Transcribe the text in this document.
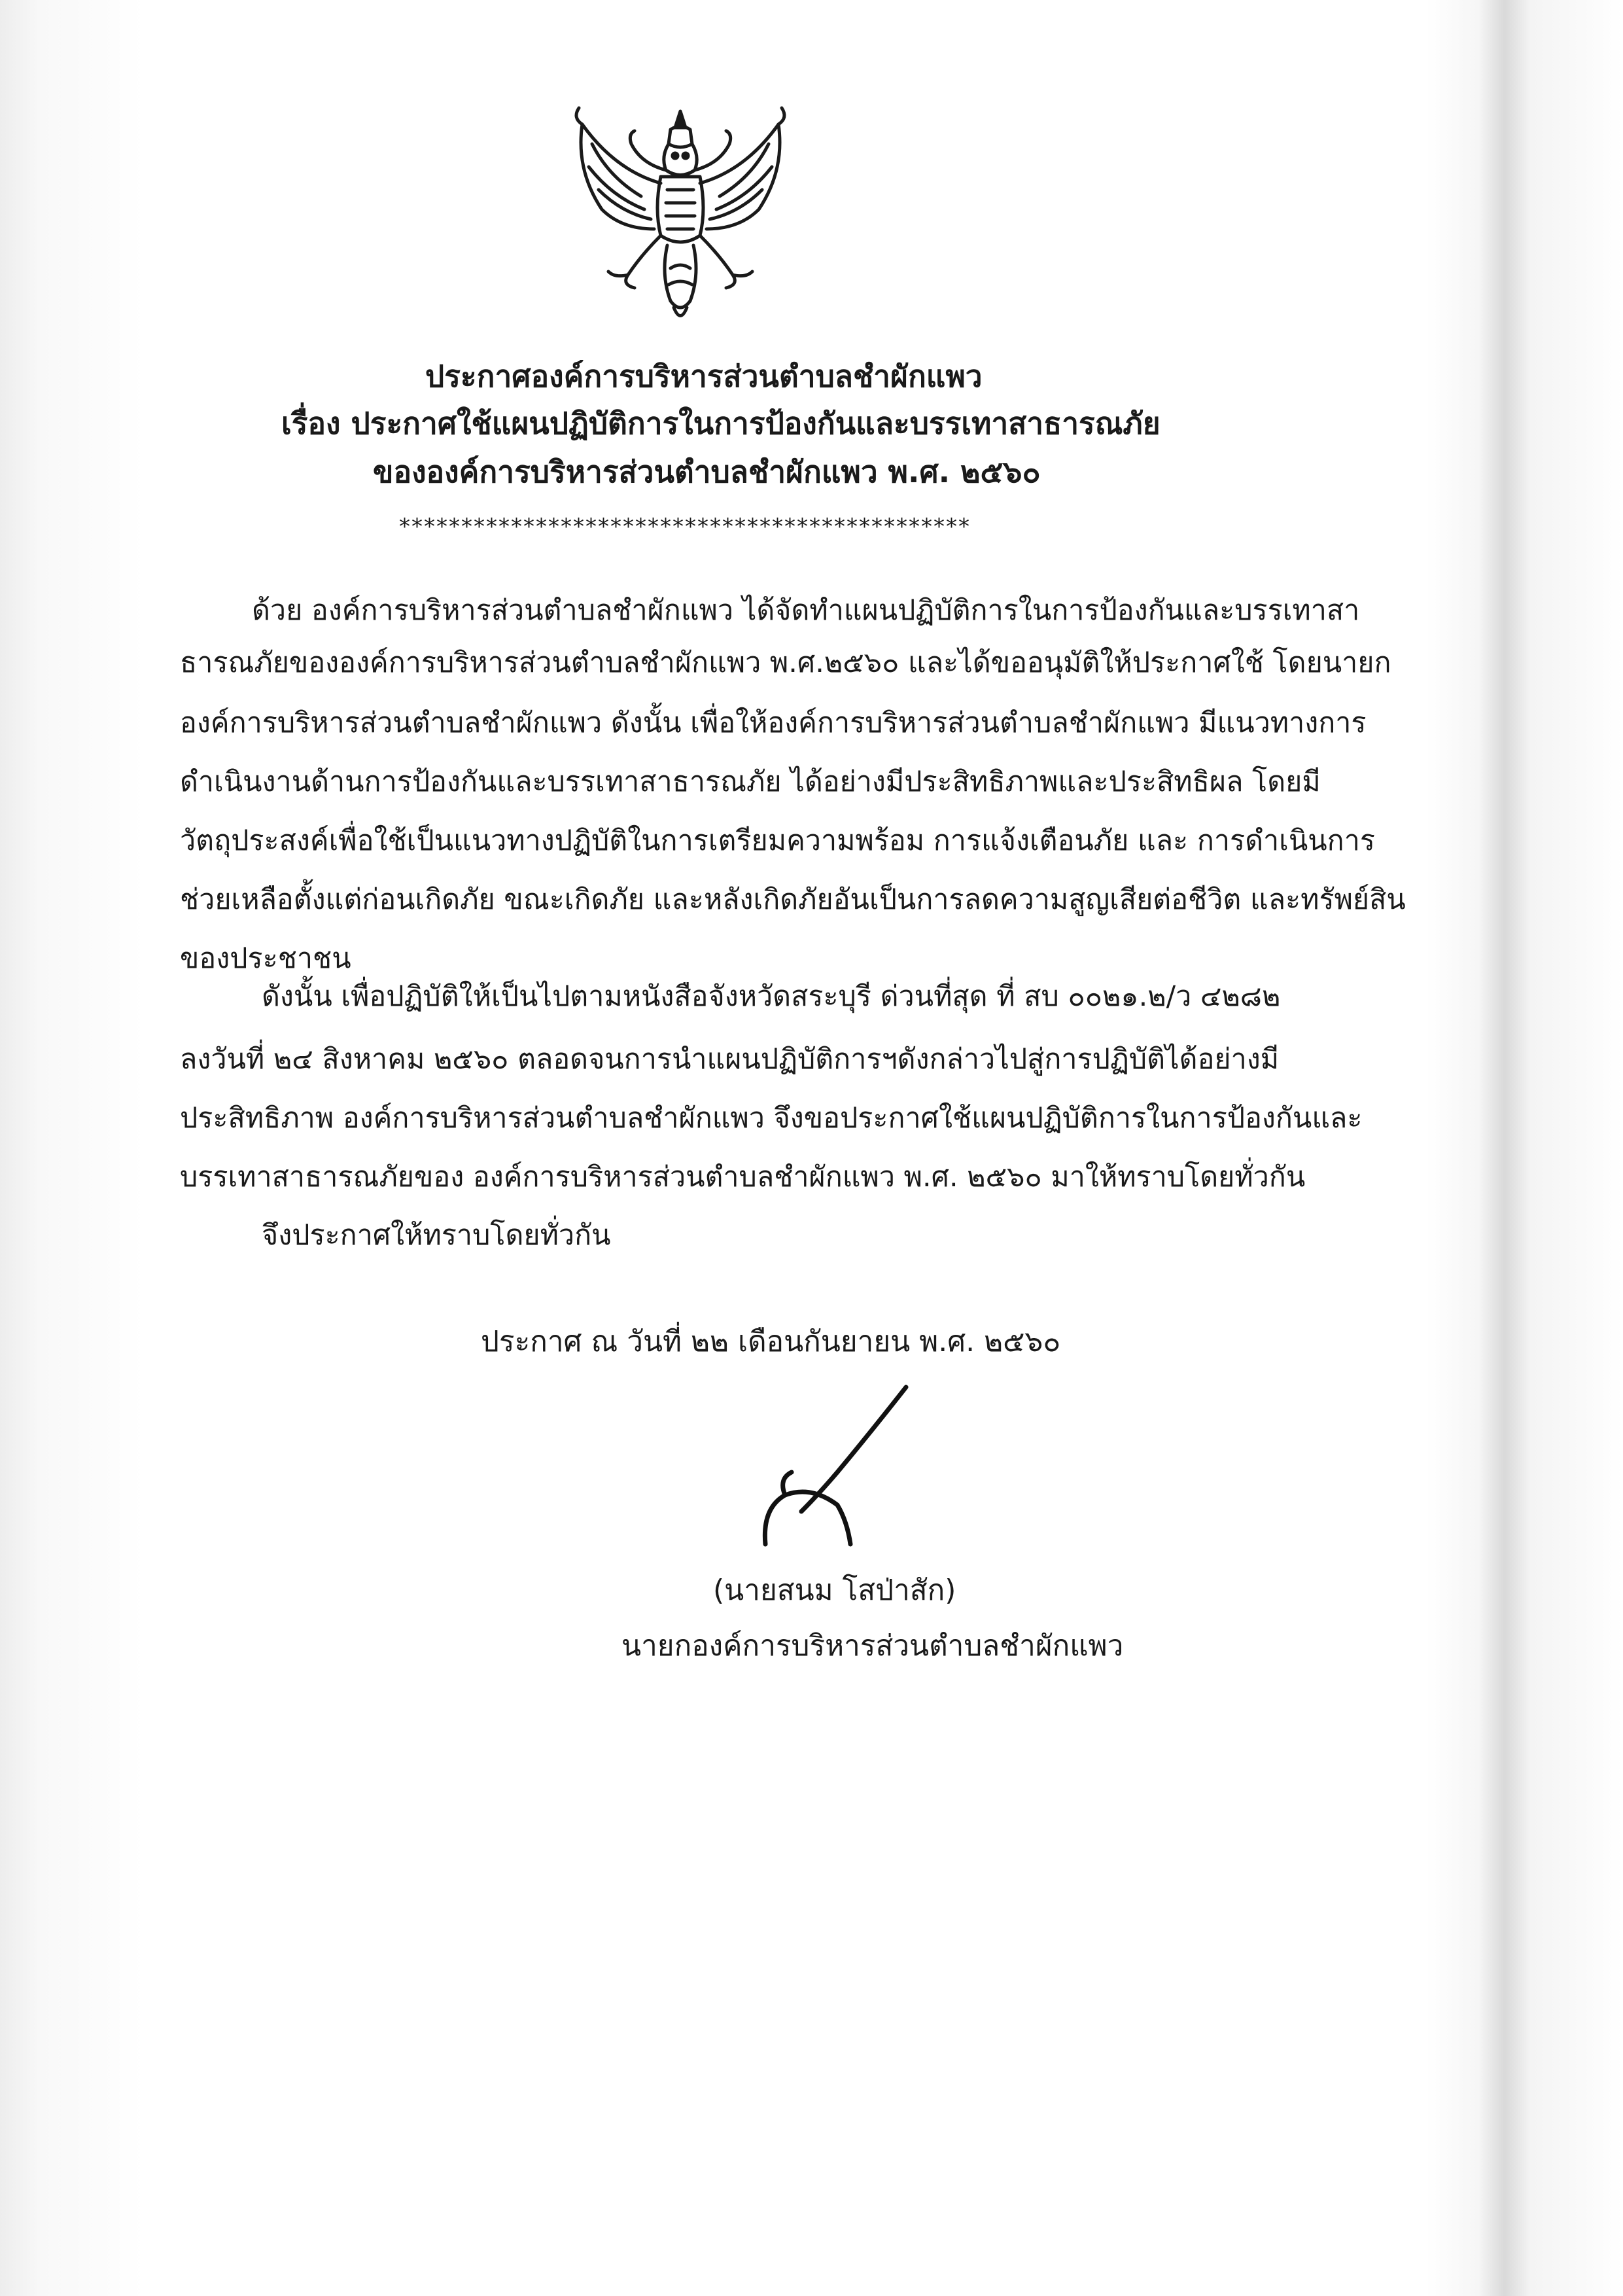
ประกาศองค์การบริหารส่วนตำบลชำผักแพว
เรื่อง ประกาศใช้แผนปฏิบัติการในการป้องกันและบรรเทาสาธารณภัย
ขององค์การบริหารส่วนตำบลชำผักแพว พ.ศ. ๒๕๖๐
**********************************************
ด้วย องค์การบริหารส่วนตำบลชำผักแพว ได้จัดทำแผนปฏิบัติการในการป้องกันและบรรเทาสา
ธารณภัยขององค์การบริหารส่วนตำบลชำผักแพว พ.ศ.๒๕๖๐ และได้ขออนุมัติให้ประกาศใช้ โดยนายก
องค์การบริหารส่วนตำบลชำผักแพว ดังนั้น เพื่อให้องค์การบริหารส่วนตำบลชำผักแพว มีแนวทางการ
ดำเนินงานด้านการป้องกันและบรรเทาสาธารณภัย ได้อย่างมีประสิทธิภาพและประสิทธิผล โดยมี
วัตถุประสงค์เพื่อใช้เป็นแนวทางปฏิบัติในการเตรียมความพร้อม การแจ้งเตือนภัย และ การดำเนินการ
ช่วยเหลือตั้งแต่ก่อนเกิดภัย ขณะเกิดภัย และหลังเกิดภัยอันเป็นการลดความสูญเสียต่อชีวิต และทรัพย์สิน
ของประชาชน
ดังนั้น เพื่อปฏิบัติให้เป็นไปตามหนังสือจังหวัดสระบุรี ด่วนที่สุด ที่ สบ ๐๐๒๑.๒/ว ๔๒๘๒
ลงวันที่ ๒๔ สิงหาคม ๒๕๖๐ ตลอดจนการนำแผนปฏิบัติการฯดังกล่าวไปสู่การปฏิบัติได้อย่างมี
ประสิทธิภาพ องค์การบริหารส่วนตำบลชำผักแพว จึงขอประกาศใช้แผนปฏิบัติการในการป้องกันและ
บรรเทาสาธารณภัยของ องค์การบริหารส่วนตำบลชำผักแพว พ.ศ. ๒๕๖๐ มาให้ทราบโดยทั่วกัน
จึงประกาศให้ทราบโดยทั่วกัน
ประกาศ ณ วันที่ ๒๒ เดือนกันยายน พ.ศ. ๒๕๖๐
(นายสนม โสป่าสัก)
นายกองค์การบริหารส่วนตำบลชำผักแพว
